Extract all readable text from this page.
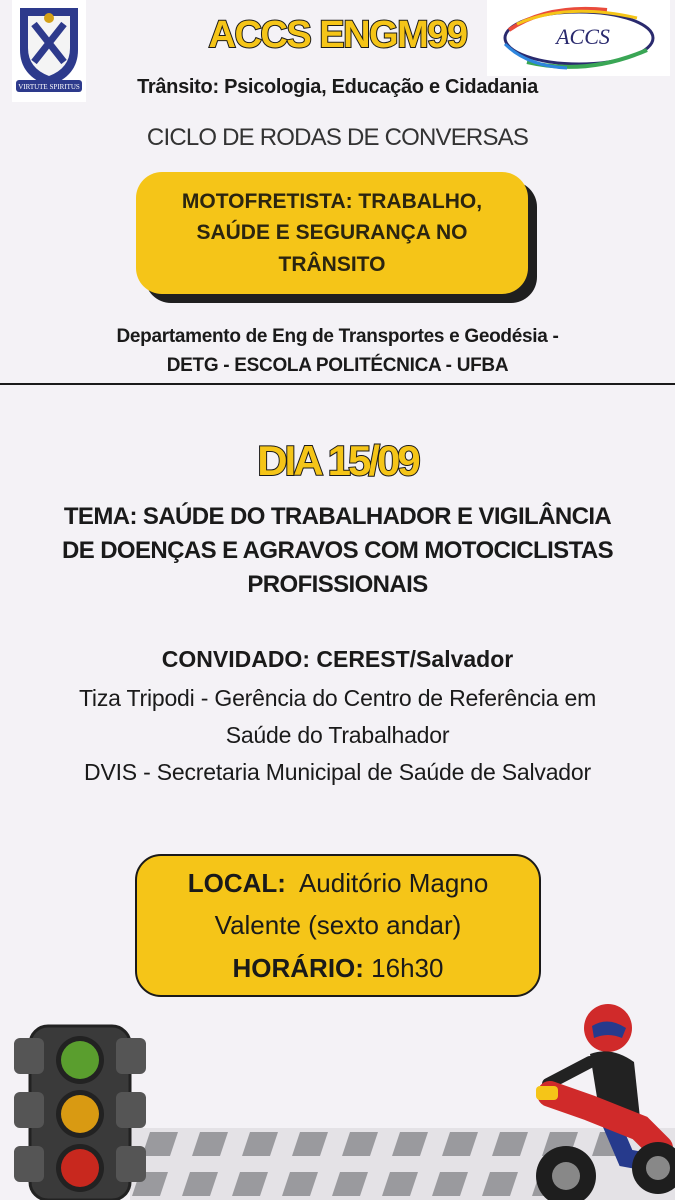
VIRTUTE SPIRITUS
ACCS
ACCS ENGM99
Trânsito: Psicologia, Educação e Cidadania
CICLO DE RODAS DE CONVERSAS
MOTOFRETISTA: TRABALHO,
SAÚDE E SEGURANÇA NO
TRÂNSITO
Departamento de Eng de Transportes e Geodésia -
DETG - ESCOLA POLITÉCNICA - UFBA
DIA 15/09
TEMA: SAÚDE DO TRABALHADOR E VIGILÂNCIA
DE DOENÇAS E AGRAVOS COM MOTOCICLISTAS
PROFISSIONAIS
CONVIDADO: CEREST/Salvador
Tiza Tripodi - Gerência do Centro de Referência em
Saúde do Trabalhador
DVIS - Secretaria Municipal de Saúde de Salvador
LOCAL: Auditório Magno
Valente (sexto andar)
HORÁRIO: 16h30
